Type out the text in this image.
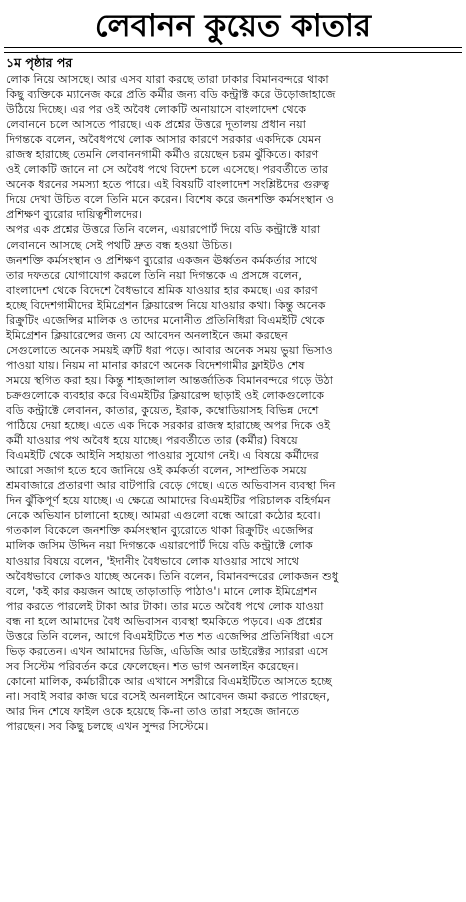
লেবানন কুয়েত কাতার
১ম পৃষ্ঠার পর
লোক নিয়ে আসছে। আর এসব যারা করছে তারা ঢাকার বিমানবন্দরে থাকা
কিছু ব্যক্তিকে ম্যানেজ করে প্রতি কর্মীর জন্য বডি কন্ট্রাক্ট করে উড়োজাহাজে
উঠিয়ে দিচ্ছে। এর পর ওই অবৈধ লোকটি অনায়াসে বাংলাদেশ থেকে
লেবাননে চলে আসতে পারছে। এক প্রশ্নের উত্তরে দূতালয় প্রধান নয়া
দিগন্তকে বলেন, অবৈধপথে লোক আসার কারণে সরকার একদিকে যেমন
রাজস্ব হারাচ্ছে তেমনি লেবাননগামী কর্মীও রয়েছেন চরম ঝুঁকিতে। কারণ
ওই লোকটি জানে না সে অবৈধ পথে বিদেশ চলে এসেছে। পরবর্তীতে তার
অনেক ধরনের সমস্যা হতে পারে। এই বিষয়টি বাংলাদেশ সংশ্লিষ্টদের গুরুত্ব
দিয়ে দেখা উচিত বলে তিনি মনে করেন। বিশেষ করে জনশক্তি কর্মসংস্থান ও
প্রশিক্ষণ ব্যুরোর দায়িত্বশীলদের।
অপর এক প্রশ্নের উত্তরে তিনি বলেন, এয়ারপোর্ট দিয়ে বডি কন্ট্রাক্টে যারা
লেবাননে আসছে সেই পথটি দ্রুত বন্ধ হওয়া উচিত।
জনশক্তি কর্মসংস্থান ও প্রশিক্ষণ ব্যুরোর একজন ঊর্ধ্বতন কর্মকর্তার সাথে
তার দফতরে যোগাযোগ করলে তিনি নয়া দিগন্তকে এ প্রসঙ্গে বলেন,
বাংলাদেশ থেকে বিদেশে বৈধভাবে শ্রমিক যাওয়ার হার কমছে। এর কারণ
হচ্ছে বিদেশগামীদের ইমিগ্রেশন ক্লিয়ারেন্স নিয়ে যাওয়ার কথা। কিন্তু অনেক
রিক্রুটিং এজেন্সির মালিক ও তাদের মনোনীত প্রতিনিধিরা বিএমইটি থেকে
ইমিগ্রেশন ক্লিয়ারেন্সের জন্য যে আবেদন অনলাইনে জমা করছেন
সেগুলোতে অনেক সময়ই ত্রুটি ধরা পড়ে। আবার অনেক সময় ভুয়া ভিসাও
পাওয়া যায়। নিয়ম না মানার কারণে অনেক বিদেশগামীর ফ্লাইটও শেষ
সময়ে স্থগিত করা হয়। কিন্তু শাহজালাল আন্তর্জাতিক বিমানবন্দরে গড়ে উঠা
চক্রগুলোকে ব্যবহার করে বিএমইটির ক্লিয়ারেন্স ছাড়াই ওই লোকগুলোকে
বডি কন্ট্রাক্টে লেবানন, কাতার, কুয়েত, ইরাক, কম্বোডিয়াসহ বিভিন্ন দেশে
পাঠিয়ে দেয়া হচ্ছে। এতে এক দিকে সরকার রাজস্ব হারাচ্ছে অপর দিকে ওই
কর্মী যাওয়ার পথ অবৈধ হয়ে যাচ্ছে। পরবর্তীতে তার (কর্মীর) বিষয়ে
বিএমইটি থেকে আইনি সহায়তা পাওয়ার সুযোগ নেই। এ বিষয়ে কর্মীদের
আরো সজাগ হতে হবে জানিয়ে ওই কর্মকর্তা বলেন, সাম্প্রতিক সময়ে
শ্রমবাজারে প্রতারণা আর বাটপারি বেড়ে গেছে। এতে অভিবাসন ব্যবস্থা দিন
দিন ঝুঁকিপূর্ণ হয়ে যাচ্ছে। এ ক্ষেত্রে আমাদের বিএমইটির পরিচালক বহির্গমন
নেকে অভিযান চালানো হচ্ছে। আমরা এগুলো বন্ধে আরো কঠোর হবো।
গতকাল বিকেলে জনশক্তি কর্মসংস্থান ব্যুরোতে থাকা রিক্রুটিং এজেন্সির
মালিক জসিম উদ্দিন নয়া দিগন্তকে এয়ারপোর্ট দিয়ে বডি কন্ট্রাক্টে লোক
যাওয়ার বিষয়ে বলেন, 'ইদানীং বৈধভাবে লোক যাওয়ার সাথে সাথে
অবৈধভাবে লোকও যাচ্ছে অনেক। তিনি বলেন, বিমানবন্দরের লোকজন শুধু
বলে, 'কই কার কয়জন আছে তাড়াতাড়ি পাঠাও'। মানে লোক ইমিগ্রেশন
পার করতে পারলেই টাকা আর টাকা। তার মতে অবৈধ পথে লোক যাওয়া
বন্ধ না হলে আমাদের বৈধ অভিবাসন ব্যবস্থা হুমকিতে পড়বে। এক প্রশ্নের
উত্তরে তিনি বলেন, আগে বিএমইটিতে শত শত এজেন্সির প্রতিনিধিরা এসে
ভিড় করতেন। এখন আমাদের ডিজি, এডিজি আর ডাইরেক্টর স্যাররা এসে
সব সিস্টেম পরিবর্তন করে ফেলেছেন। শত ভাগ অনলাইন করেছেন।
কোনো মালিক, কর্মচারীকে আর এখানে সশরীরে বিএমইটিতে আসতে হচ্ছে
না। সবাই সবার কাজ ঘরে বসেই অনলাইনে আবেদন জমা করতে পারছেন,
আর দিন শেষে ফাইল ওকে হয়েছে কি-না তাও তারা সহজে জানতে
পারছেন। সব কিছু চলছে এখন সুন্দর সিস্টেমে।
